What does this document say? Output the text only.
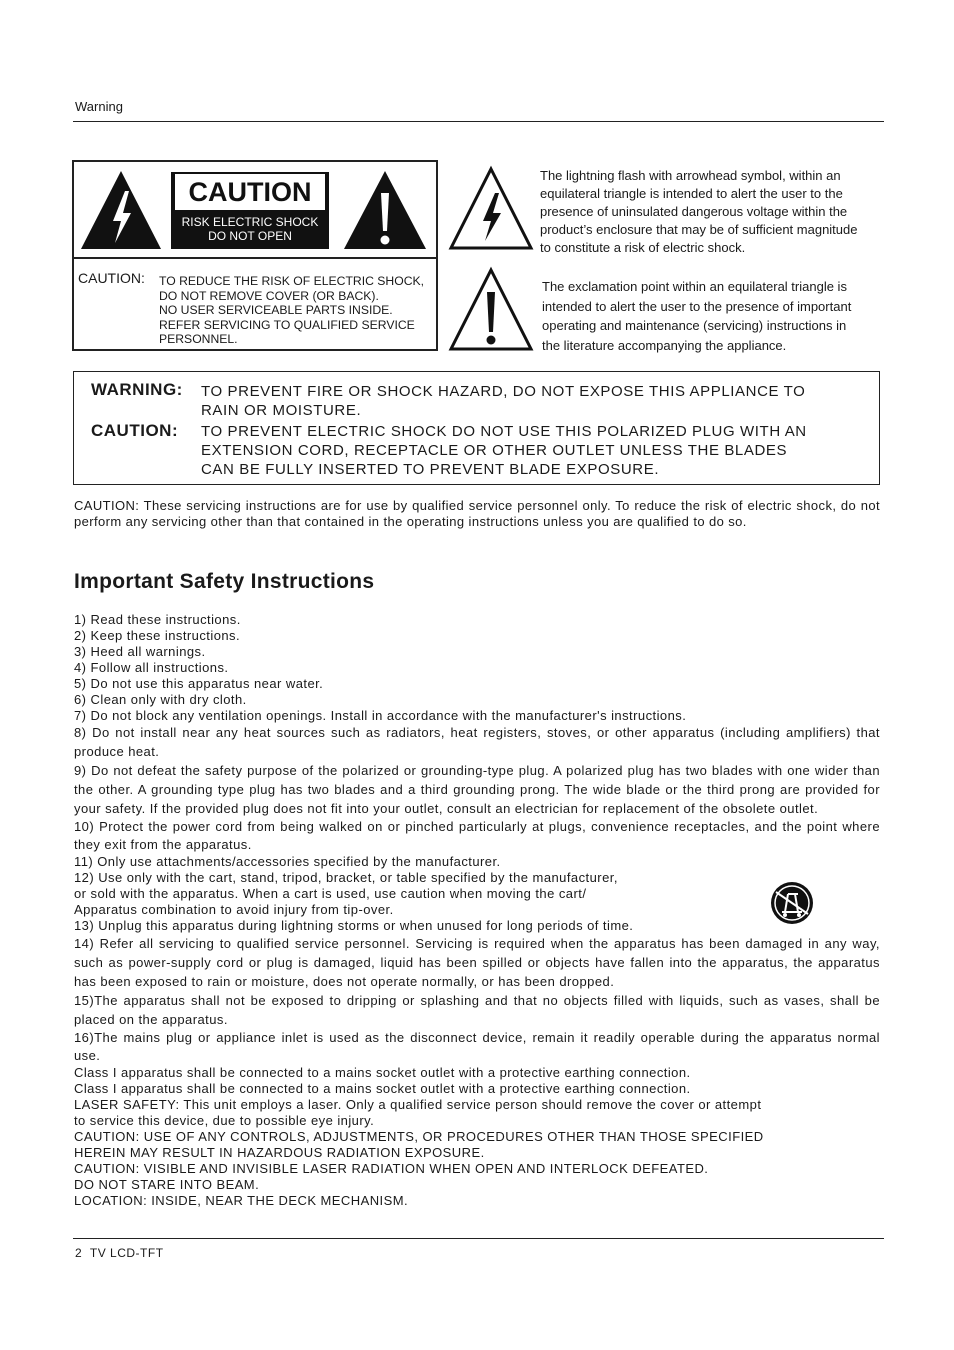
Warning
CAUTION
RISK ELECTRIC SHOCK
DO NOT OPEN
CAUTION: TO REDUCE THE RISK OF ELECTRIC SHOCK,
DO NOT REMOVE COVER (OR BACK).
NO USER SERVICEABLE PARTS INSIDE.
REFER SERVICING TO QUALIFIED SERVICE
PERSONNEL.
The lightning flash with arrowhead symbol, within an
equilateral triangle is intended to alert the user to the
presence of uninsulated dangerous voltage within the
product’s enclosure that may be of sufficient magnitude
to constitute a risk of electric shock.
The exclamation point within an equilateral triangle is
intended to alert the user to the presence of important
operating and maintenance (servicing) instructions in
the literature accompanying the appliance.
WARNING: TO PREVENT FIRE OR SHOCK HAZARD, DO NOT EXPOSE THIS APPLIANCE TO
RAIN OR MOISTURE.
CAUTION: TO PREVENT ELECTRIC SHOCK DO NOT USE THIS POLARIZED PLUG WITH AN
EXTENSION CORD, RECEPTACLE OR OTHER OUTLET UNLESS THE BLADES
CAN BE FULLY INSERTED TO PREVENT BLADE EXPOSURE.
CAUTION: These servicing instructions are for use by qualified service personnel only. To reduce the risk of electric shock, do not perform any servicing other than that contained in the operating instructions unless you are qualified to do so.
Important Safety Instructions
1) Read these instructions.
2) Keep these instructions.
3) Heed all warnings.
4) Follow all instructions.
5) Do not use this apparatus near water.
6) Clean only with dry cloth.
7) Do not block any ventilation openings. Install in accordance with the manufacturer's instructions.
8) Do not install near any heat sources such as radiators, heat registers, stoves, or other apparatus (including amplifiers) that produce heat.
9) Do not defeat the safety purpose of the polarized or grounding-type plug. A polarized plug has two blades with one wider than the other. A grounding type plug has two blades and a third grounding prong. The wide blade or the third prong are provided for your safety. If the provided plug does not fit into your outlet, consult an electrician for replacement of the obsolete outlet.
10) Protect the power cord from being walked on or pinched particularly at plugs, convenience receptacles, and the point where they exit from the apparatus.
11) Only use attachments/accessories specified by the manufacturer.
12) Use only with the cart, stand, tripod, bracket, or table specified by the manufacturer,
or sold with the apparatus. When a cart is used, use caution when moving the cart/
Apparatus combination to avoid injury from tip-over.
13) Unplug this apparatus during lightning storms or when unused for long periods of time.
14) Refer all servicing to qualified service personnel. Servicing is required when the apparatus has been damaged in any way, such as power-supply cord or plug is damaged, liquid has been spilled or objects have fallen into the apparatus, the apparatus has been exposed to rain or moisture, does not operate normally, or has been dropped.
15)The apparatus shall not be exposed to dripping or splashing and that no objects filled with liquids, such as vases, shall be placed on the apparatus.
16)The mains plug or appliance inlet is used as the disconnect device, remain it readily operable during the apparatus normal use.
Class I apparatus shall be connected to a mains socket outlet with a protective earthing connection.
Class I apparatus shall be connected to a mains socket outlet with a protective earthing connection.
LASER SAFETY: This unit employs a laser. Only a qualified service person should remove the cover or attempt
to service this device, due to possible eye injury.
CAUTION: USE OF ANY CONTROLS, ADJUSTMENTS, OR PROCEDURES OTHER THAN THOSE SPECIFIED
HEREIN MAY RESULT IN HAZARDOUS RADIATION EXPOSURE.
CAUTION: VISIBLE AND INVISIBLE LASER RADIATION WHEN OPEN AND INTERLOCK DEFEATED.
DO NOT STARE INTO BEAM.
LOCATION: INSIDE, NEAR THE DECK MECHANISM.
2 TV LCD-TFT
